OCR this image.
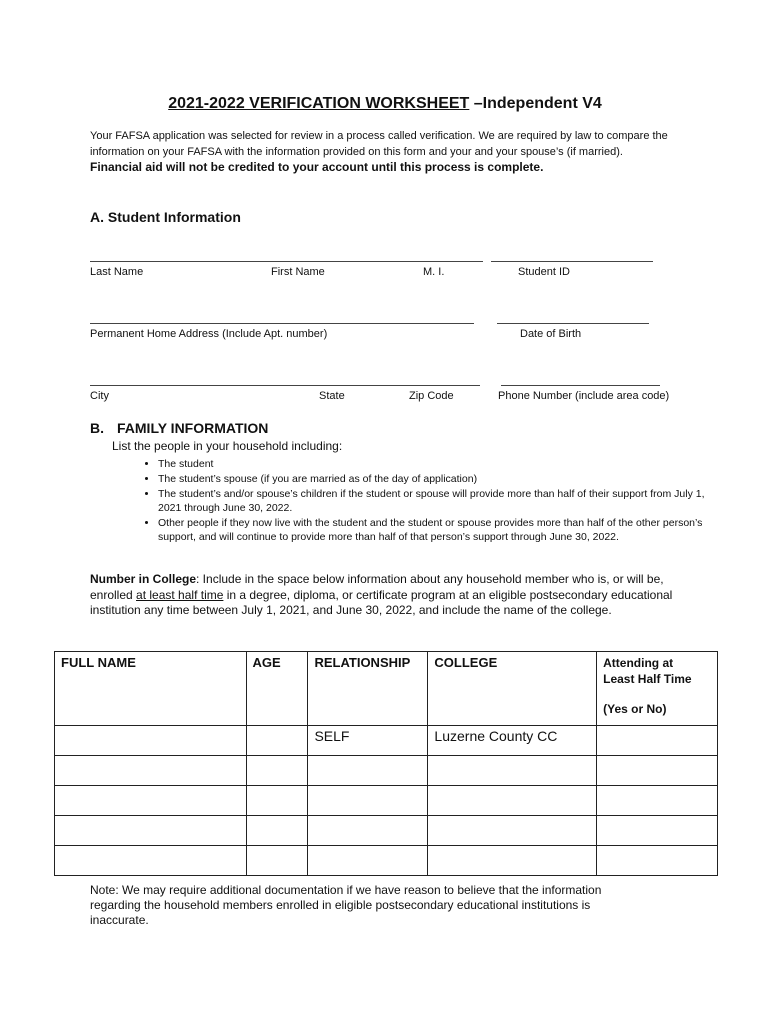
2021-2022 VERIFICATION WORKSHEET –Independent V4
Your FAFSA application was selected for review in a process called verification. We are required by law to compare the information on your FAFSA with the information provided on this form and your and your spouse’s (if married).
Financial aid will not be credited to your account until this process is complete.
A. Student Information
Last Name	First Name	M. I.	Student ID
Permanent Home Address (Include Apt. number)	Date of Birth
City	State	Zip Code	Phone Number (include area code)
B. FAMILY INFORMATION
List the people in your household including:
• The student
• The student’s spouse (if you are married as of the day of application)
• The student’s and/or spouse’s children if the student or spouse will provide more than half of their support from July 1, 2021 through June 30, 2022.
• Other people if they now live with the student and the student or spouse provides more than half of the other person’s support, and will continue to provide more than half of that person’s support through June 30, 2022.
Number in College: Include in the space below information about any household member who is, or will be, enrolled at least half time in a degree, diploma, or certificate program at an eligible postsecondary educational institution any time between July 1, 2021, and June 30, 2022, and include the name of the college.
FULL NAME	AGE	RELATIONSHIP	COLLEGE	Attending at
Least Half Time
(Yes or No)

		SELF	Luzerne County CC	

Note: We may require additional documentation if we have reason to believe that the information regarding the household members enrolled in eligible postsecondary educational institutions is inaccurate.
